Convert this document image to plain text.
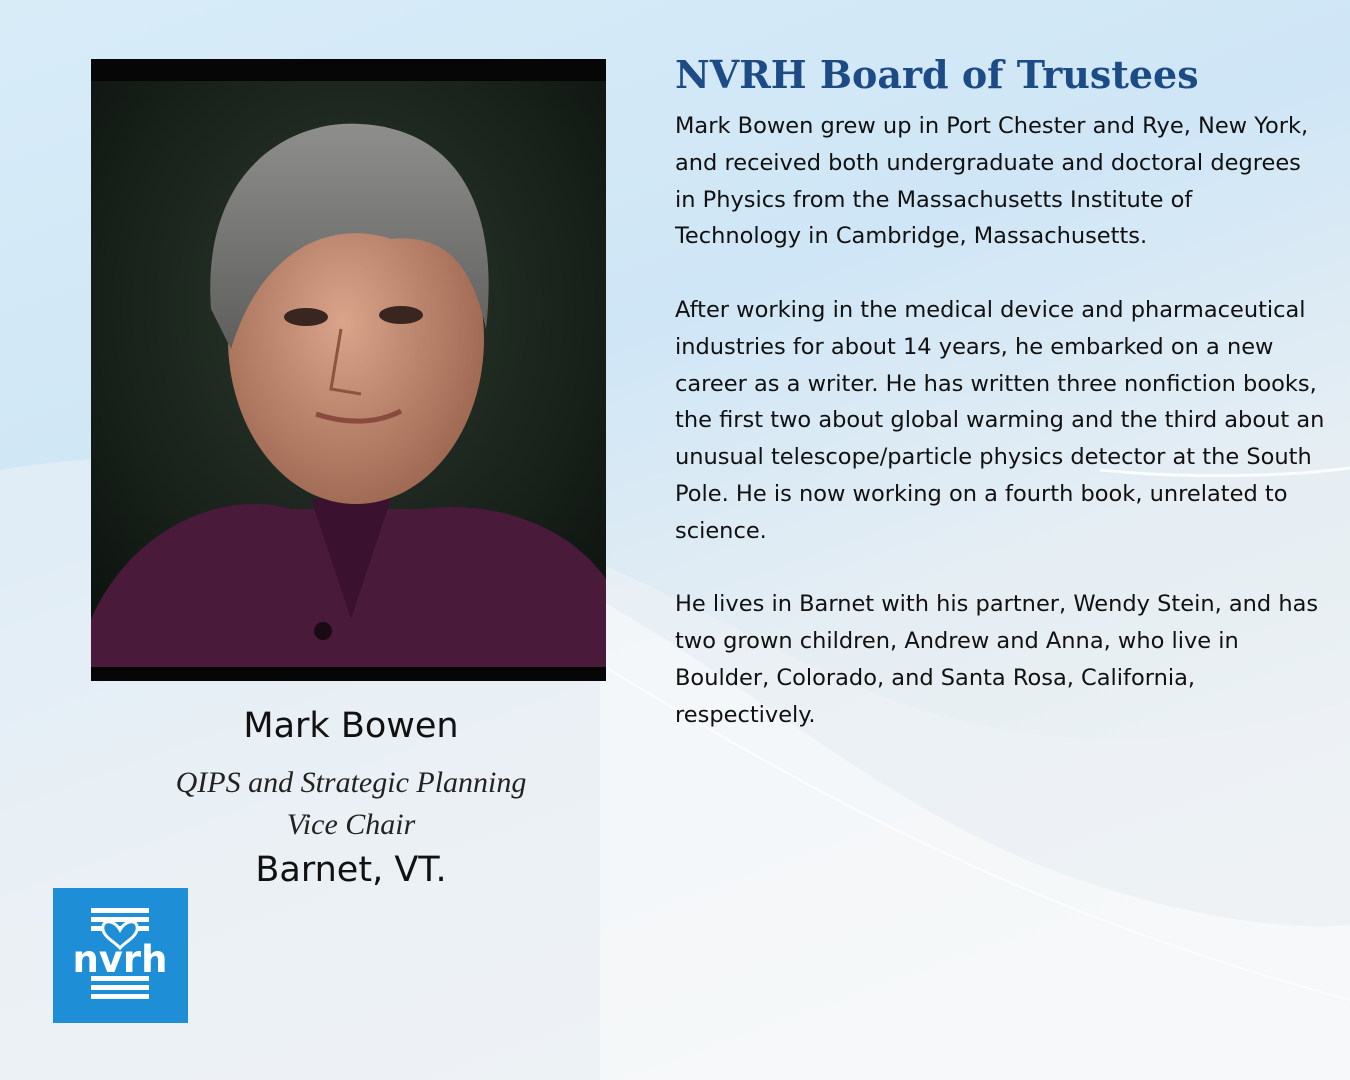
Mark Bowen
QIPS and Strategic Planning
Vice Chair
Barnet, VT.
nvrh
NVRH Board of Trustees

Mark Bowen grew up in Port Chester and Rye, New York, and received both undergraduate and doctoral degrees in Physics from the Massachusetts Institute of Technology in Cambridge, Massachusetts.

After working in the medical device and pharmaceutical industries for about 14 years, he embarked on a new career as a writer. He has written three nonfiction books, the first two about global warming and the third about an unusual telescope/particle physics detector at the South Pole. He is now working on a fourth book, unrelated to science.

He lives in Barnet with his partner, Wendy Stein, and has two grown children, Andrew and Anna, who live in Boulder, Colorado, and Santa Rosa, California, respectively.
